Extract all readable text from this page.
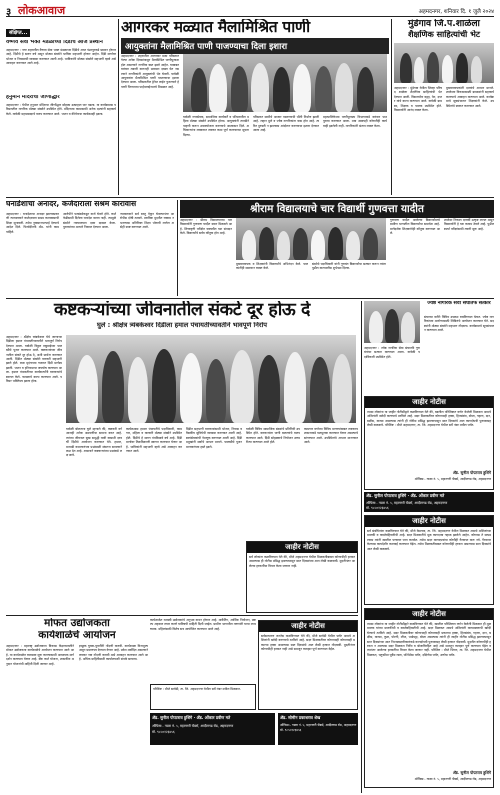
३ लोकआवाज	अहमदनगर, शनिवार दि. १ जुलै २०२४
संक्षिप्त...
वैष्णव सेवा भक्त मंडळाच्या दिंडीचे आज प्रस्थान
अहमदनगर : नगर शहरातील वैष्णव सेवा भक्त मंडळाच्या दिंडीचे आज पंढरपूरकडे प्रस्थान होणार आहे. दिंडीचे हे सलग वर्ष असून मोठ्या संख्येने भाविक सहभागी होणार आहेत. दिंडी मार्गावर भोजन व निवासाची व्यवस्था करण्यात आली आहे. भाविकांनी मोठ्या संख्येने सहभागी व्हावे असे आवाहन करण्यात आले आहे.
हनुमान मंदिराचा जीर्णोद्धार
अहमदनगर : येथील हनुमान मंदिराचा जीर्णोद्धार सोहळा उत्साहात पार पडला. या कार्यक्रमास परिसरातील नागरिक मोठ्या संख्येने उपस्थित होते. मंदिराच्या कामासाठी अनेक दात्यांनी सहकार्य केले. यावेळी महाप्रसादाचे वाटप करण्यात आले. भजन व कीर्तनाचा कार्यक्रमही झाला.
आगरकर मळ्यात मैलामिश्रित पाणी
आयुक्तांना मैलामिश्रित पाणी पाजण्याचा दिला इशारा
अहमदनगर : शहरातील आगरकर मळा परिसरात गेल्या अनेक दिवसांपासून मैलामिश्रित पाणीपुरवठा होत असल्याने नागरिक त्रस्त झाले आहेत. याबाबत वारंवार तक्रारी करूनही प्रशासन दखल घेत नसल्याने नागरिकांनी आयुक्तांची भेट घेतली. यावेळी आयुक्तांना मैलामिश्रित पाणी पाजण्याचा इशारा देण्यात आला. परिसरातील ड्रेनेज लाईन फुटल्याने हे पाणी पिण्याच्या पाईपलाईनमध्ये मिसळत आहे.
यावेळी नगरसेवक, सामाजिक कार्यकर्ते व परिसरातील महिला मोठ्या संख्येने उपस्थित होत्या. आयुक्तांनी तातडीने पाहणी करून उपाययोजना करण्याचे आश्वासन दिले. अधिकाऱ्यांना लवकरात लवकर काम पूर्ण करण्याच्या सूचना दिल्या.
परिसरात साथीचे आजार पसरण्याची भीती निर्माण झाली आहे. लहान मुले व ज्येष्ठ नागरिकांना त्रास होत आहे. त्वरित दुरुस्ती न झाल्यास आंदोलन करण्याचा इशारा देण्यात आला आहे.
महापालिकेच्या पाणीपुरवठा विभागाकडे वारंवार पाठपुरावा करण्यात आला. मात्र अद्यापही कोणतीही कार्यवाही झालेली नाही. नागरिकांनी संताप व्यक्त केला.
मुंडेगाव जि.प.शाळेला
शैक्षणिक साहित्यांची भेट
अहमदनगर : मुंडेगाव येथील जिल्हा परिषद शाळेला शैक्षणिक साहित्यांची भेट देण्यात आली. विद्यार्थ्यांना वह्या, पेन, दप्तर यांचे वाटप करण्यात आले. यावेळी ग्रामस्थ, शिक्षक व पालक उपस्थित होते. विद्यार्थ्यांनी आनंद व्यक्त केला.
मुख्याध्यापकांनी दात्यांचे आभार मानले. शाळेच्या विकासासाठी ग्रामस्थांनी सहकार्य करण्याचे आवाहन करण्यात आले. कार्यक्रमाचे सूत्रसंचालन शिक्षकांनी केले. उपस्थितांचे स्वागत करण्यात आले.
घनाडेशाचा अनादर, कर्जदाराला सश्रम कारावास
अहमदनगर : धनादेशाचा अनादर झाल्याप्रकरणी न्यायालयाने कर्जदाराला सश्रम कारावासाची शिक्षा सुनावली. तसेच नुकसानभरपाई देण्याचे आदेश दिले. फिर्यादीतर्फे ॲड. यांनी काम पाहिले.
आरोपीने पतसंस्थेकडून कर्ज घेतले होते. कर्जफेडीसाठी दिलेला धनादेश वटला नाही. त्यामुळे संस्थेने न्यायालयात दावा दाखल केला. पुराव्यांच्या आधारे निकाल देण्यात आला.
न्यायालयाने सर्व बाजू ऐकून घेतल्यानंतर आरोपीस दोषी ठरवले. ठराविक मुदतीत रक्कम न भरल्यास अतिरिक्त शिक्षा भोगावी लागेल असेही स्पष्ट करण्यात आले.
श्रीराम विद्यालयाचे चार विद्यार्थी गुणवत्ता यादीत
अहमदनगर : श्रीराम विद्यालयाच्या चार विद्यार्थ्यांनी गुणवत्ता यादीत स्थान मिळवले आहे. शिष्यवृत्ती परीक्षेत घवघवीत यश संपादन केले. विद्यार्थ्यांचे सर्वत्र कौतुक होत आहे.
मुख्याध्यापक व शिक्षकांनी विद्यार्थ्यांचे अभिनंदन केले. पालकांनीही समाधान व्यक्त केले.
संस्थेचे पदाधिकारी यांनी गुणवंत विद्यार्थ्यांचा सत्कार करून त्यांना पुढील वाटचालीस शुभेच्छा दिल्या.
गुणवत्ता यादीत आलेल्या विद्यार्थ्यांमध्ये ग्रामीण भागातील विद्यार्थ्यांचा समावेश आहे. मार्गदर्शक शिक्षकांचेही कौतुक करण्यात आले.
शाळेचा निकाल दरवर्षी उत्कृष्ट लागत असून विद्यार्थ्यांनी हे यश कायम ठेवले आहे. पुढील स्पर्धा परीक्षांसाठी तयारी सुरू आहे.
कष्टकऱ्यांच्या जीवनातील संकटे दूर होऊ दे
घुले : श्रीक्षेत्र त्र्यंबकेश्वर दिंडीला हमाल पंचायतीच्यावतीने भावपूर्ण निरोप
अहमदनगर : श्रीक्षेत्र त्र्यंबकेश्वर येथे जाणाऱ्या दिंडीला हमाल पंचायतीच्यावतीने भावपूर्ण निरोप देण्यात आला. यावेळी विठ्ठल रखुमाईच्या पालखीचे पूजन करण्यात आले. कष्टकऱ्यांच्या जीवनातील संकटे दूर होऊ दे, अशी प्रार्थना करण्यात आली. दिंडीत मोठ्या संख्येने वारकरी सहभागी झाले होते. टाळ मृदंगाच्या गजरात दिंडी मार्गस्थ झाली. भजन व हरिनामाचा जयघोष करण्यात आला. हमाल पंचायतीच्या कार्यकर्त्यांनी वारकऱ्यांचे स्वागत केले. फराळाचे वाटप करण्यात आले. परिसर भक्तिमय झाला होता.
यावेळी बोलताना घुले म्हणाले की, कष्टकरी वर्ग आजही अनेक अडचणींचा सामना करत आहे. त्यांच्या जीवनात सुख समृद्धी यावी यासाठी दरवर्षी दिंडीचे आयोजन करण्यात येते. हमाल, माथाडी कामगारांच्या प्रश्नांसाठी संघटना सातत्याने लढा देत आहे. शासनाने कष्टकऱ्यांच्या प्रश्नांकडे लक्ष द्यावे.
कार्यक्रमास हमाल पंचायतीचे पदाधिकारी, कामगार, महिला व वारकरी मोठ्या संख्येने उपस्थित होते. दिंडीचे हे सलग पंचविसावे वर्ष आहे. दिंडी मार्गावर ठिकठिकाणी स्वागत करण्यात येणार आहे. भाविकांनी सहभागी व्हावे असे आवाहन करण्यात आले.
दिंडीत सहभागी वारकऱ्यांसाठी भोजन, निवास व वैद्यकीय सुविधेची व्यवस्था करण्यात आली आहे. स्वयंसेवकांची नेमणूक करण्यात आली आहे. दिंडी प्रमुखांनी सर्वांचे आभार मानले. पालखीचे पूजन मान्यवरांच्या हस्ते झाले.
यावेळी विविध सामाजिक संस्थांचे प्रतिनिधी उपस्थित होते. वारकऱ्यांना पाणी बाटल्यांचे वाटप करण्यात आले. दिंडी सोहळ्याचे नियोजन उत्तमरीत्या करण्यात आले होते.
कामगार वर्गाच्या विविध मागण्यांबाबत लवकरच शासनाकडे पाठपुरावा करण्यात येणार असल्याचे सांगण्यात आले. उपस्थितांचे आभार मानण्यात आले.
जाहीर नोटीस
सर्व लोकांना कळविण्यात येते की, मौजे अहमदनगर येथील मिळकतीबाबत कोणाचीही हरकत असल्यास ही नोटीस प्रसिद्ध झाल्यापासून सात दिवसांच्या आत लेखी कळवावी. मुदतीनंतर आलेल्या हरकतींचा विचार केला जाणार नाही.
अहमदनगर : ज्येष्ठ नागरिक सेवा संघातर्फे गुणवंतांचा सत्कार करण्यात आला. यावेळी पदाधिकारी उपस्थित होते.
ज्येष्ठ नागरिक सेवा संघातर्फे सत्कार
संघाच्या वतीने विविध उपक्रम राबविण्यात येतात. ज्येष्ठ नागरिकांच्या आरोग्यासाठी शिबिरांचे आयोजन करण्यात येते. सदस्यांनी मोठ्या संख्येने सहभाग नोंदवला. कार्यक्रमाचे सूत्रसंचालन करण्यात आले.
जाहीर नोटीस
तमाम लोकांना या जाहीर नोटीसीद्वारे कळविण्यात येते की, खालील परिशिष्टात वर्णन केलेली मिळकत आमचे अशिलांनी खरेदी करण्याचे ठरविले आहे. सदर मिळकतीवर कोणाचाही हक्क, हितसंबंध, बोजा, गहाण, दान, बक्षीस, वारसा असल्यास त्यांनी ही नोटीस प्रसिद्ध झाल्यापासून सात दिवसांचे आत कागदोपत्री पुराव्यासह लेखी कळवावे. परिशिष्ट : मौजे अहमदनगर, ता. जि. अहमदनगर येथील सर्वे नंबर मधील प्लॉट.
ॲड. सुनील पोपटराव हुशिंगे
ऑफिस:- गाळा नं. ५, महानगरी चेंबर्स, आदीलगड रोड, अहमदनगर
ॲड. सुनील पोपटराव हुशिंगे · ॲड. ओंकार प्रवीण मते
ऑफिस:- गाळा नं. ५, महानगरी चेंबर्स, आदीलगड रोड, अहमदनगर
मो. ९८५०१२३४५६
जाहीर नोटीस
सर्व संबंधितांना कळविण्यात येते की, मौजे केडगाव, ता. जि. अहमदनगर येथील मिळकत आमचे अशिलांच्या मालकी व कब्जेवहिवाटीची आहे. सदर मिळकतीचे मूळ कागदपत्र गहाळ झालेले आहेत. कोणास ते सापडल्यास त्यांनी खालील पत्त्यावर परत करावेत. तसेच सदर कागदपत्रांचा कोणीही गैरवापर करू नये. गैरवापर केल्यास कायदेशीर कारवाई करण्यात येईल. तसेच मिळकतीबाबत कोणाचीही हरकत असल्यास सात दिवसांचे आत लेखी कळवावे.
मोफत उद्योजकता
कार्यशाळेचे आयोजन
अहमदनगर : महाराष्ट्र उद्योजकता विकास केंद्राच्यावतीने मोफत उद्योजकता कार्यशाळेचे आयोजन करण्यात आले आहे. या कार्यशाळेत व्यवसाय सुरू करण्यासाठी आवश्यक मार्गदर्शन करण्यात येणार आहे. बँक कर्ज योजना, शासकीय अनुदान योजनांची माहिती दिली जाणार आहे.
इच्छुक युवक-युवतींनी नोंदणी करावी. कार्यशाळा विनामूल्य असून प्रमाणपत्र देण्यात येणार आहे. प्रवेश मर्यादित असल्याने लवकर नाव नोंदणी करावी असे आवाहन करण्यात आले आहे. अधिक माहितीसाठी कार्यालयाशी संपर्क साधावा.
कार्यशाळेत यशस्वी उद्योजकांचे अनुभव कथन होणार आहे. मार्केटिंग, आर्थिक नियोजन, प्रकल्प अहवाल तयार करणे याविषयी माहिती दिली जाईल. ग्रामीण भागातील तरुणांनी याचा लाभ घ्यावा. महिलांसाठी विशेष सत्र आयोजित करण्यात आले आहे.	जाहीर नोटीस
सर्वसाधारण जनतेस कळविण्यात येते की, मौजे सावेडी येथील फ्लॅट आमचे अशिलांनी खरेदी करण्याचे ठरविले आहे. सदर मिळकतीवर कोणाचाही कोणत्याही प्रकारचा हक्क असल्यास सात दिवसांचे आत लेखी हरकत नोंदवावी. मुदतीनंतर कोणाचीही हरकत नाही असे समजून व्यवहार पूर्ण करण्यात येईल.
परिशिष्ट : मौजे सावेडी, ता. जि. अहमदनगर येथील सर्वे नंबर मधील मिळकत.
ॲड. सुनील पोपटराव हुशिंगे · ॲड. ओंकार प्रवीण मते
ऑफिस:- गाळा नं. ५, महानगरी चेंबर्स, आदीलगड रोड, अहमदनगर
मो. ९८५०१२३४५६
ॲड. सोमीन प्रकाशराव शेख
ऑफिस:- गाळा नं. ५, महानगरी चेंबर्स, आदीलगड रोड, अहमदनगर
मो. ९८५०१२३४५६
जाहीर नोटीस
तमाम लोकांना या जाहीर नोटीसीद्वारे कळविण्यात येते की, खालील परिशिष्टात वर्णन केलेली मिळकत ही मूळ मालक यांच्या मालकीची व कब्जेवहिवाटीची आहे. सदर मिळकत आमचे अशिलांनी कायमस्वरूपी खरेदी घेण्याचे ठरविले आहे. सदर मिळकतीवर कोणाचाही कोणत्याही प्रकारचा हक्क, हितसंबंध, गहाण, दान, बक्षीस, वारसा, कुळ, पोटगी, लीज, भाडेपट्टा, बोजा असल्यास त्यांनी ही जाहीर नोटीस प्रसिद्ध झाल्यापासून सात दिवसांच्या आत निम्नस्वाक्षरीकारांकडे कागदोपत्री पुराव्यासह लेखी हरकत नोंदवावी. मुदतीत कोणाचीही हरकत न आल्यास सदर मिळकत निर्वेध व बोजाविरहित आहे असे समजून व्यवहार पूर्ण करण्यात येईल व त्यानंतर आलेल्या हरकतींचा विचार केला जाणार नाही. परिशिष्ट : मौजे भिंगार, ता. जि. अहमदनगर येथील मिळकत, चतुःसीमा पूर्वेस रस्ता, पश्चिमेस प्लॉट, दक्षिणेस प्लॉट, उत्तरेस प्लॉट.
ॲड. सुनील पोपटराव हुशिंगे
ऑफिस:- गाळा नं. ५, महानगरी चेंबर्स, आदीलगड रोड, अहमदनगर
